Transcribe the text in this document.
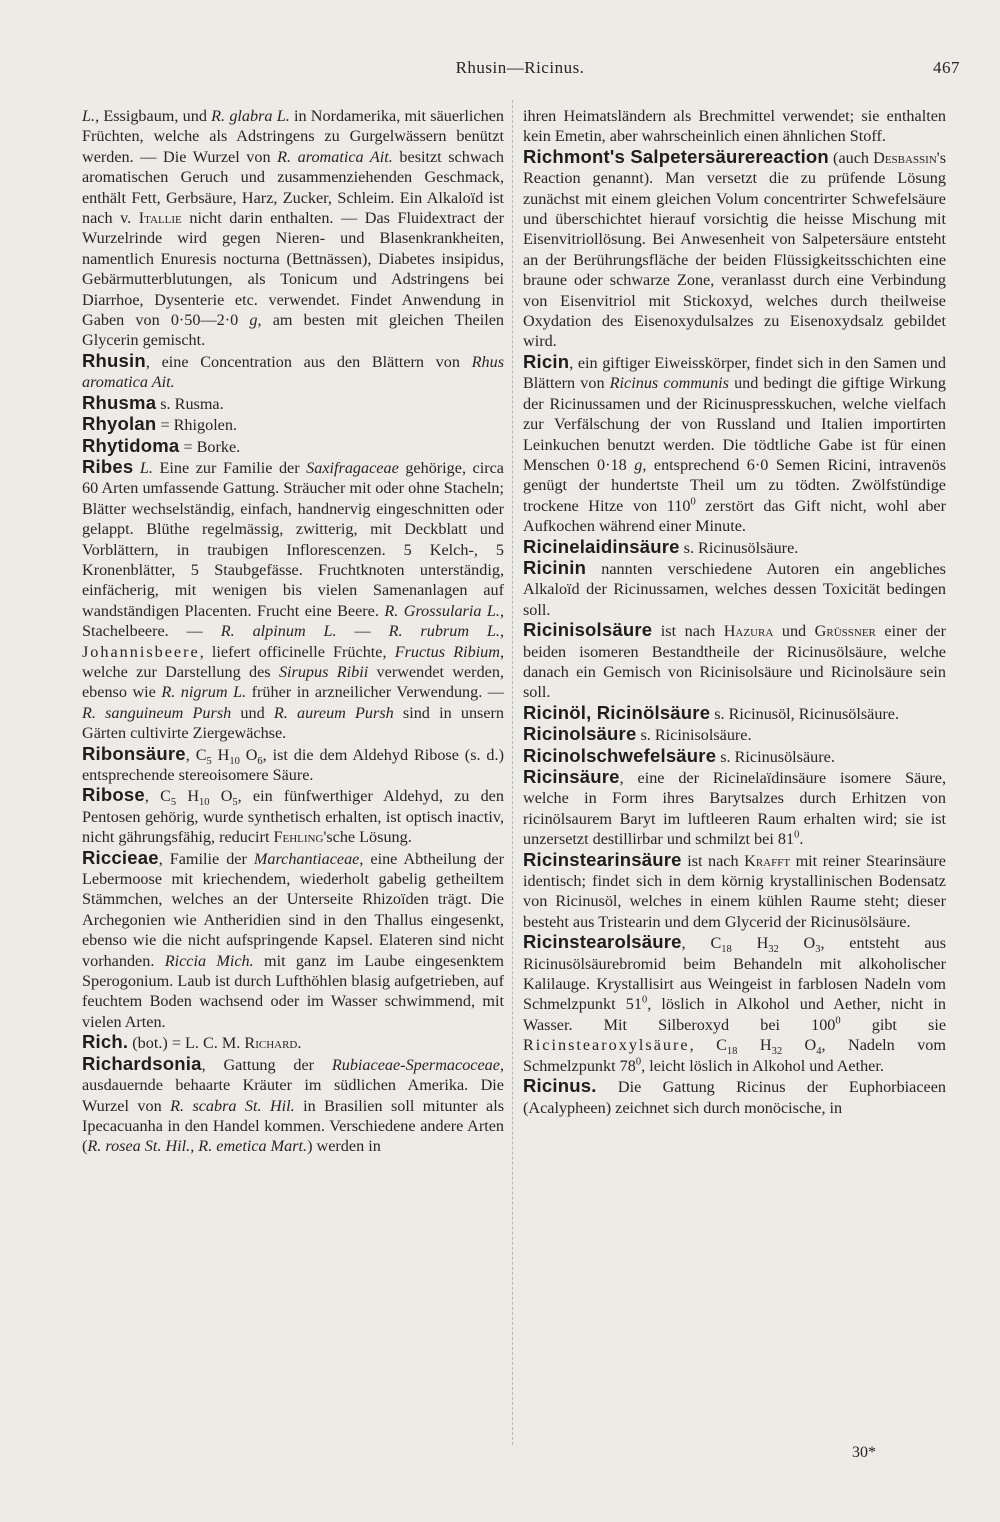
Rhusin—Ricinus.	467

L., Essigbaum, und R. glabra L. in Nordamerika, mit säuerlichen Früchten, welche als Adstringens zu Gurgelwässern benützt werden. — Die Wurzel von R. aromatica Ait. besitzt schwach aromatischen Geruch und zusammenziehenden Geschmack, enthält Fett, Gerbsäure, Harz, Zucker, Schleim. Ein Alkaloïd ist nach v. Itallie nicht darin enthalten. — Das Fluidextract der Wurzelrinde wird gegen Nieren- und Blasenkrankheiten, namentlich Enuresis nocturna (Bettnässen), Diabetes insipidus, Gebärmutterblutungen, als Tonicum und Adstringens bei Diarrhoe, Dysenterie etc. verwendet. Findet Anwendung in Gaben von 0·50—2·0 g, am besten mit gleichen Theilen Glycerin gemischt.

Rhusin, eine Concentration aus den Blättern von Rhus aromatica Ait.

Rhusma s. Rusma.

Rhyolan = Rhigolen.

Rhytidoma = Borke.

Ribes L. Eine zur Familie der Saxifragaceae gehörige, circa 60 Arten umfassende Gattung. Sträucher mit oder ohne Stacheln; Blätter wechselständig, einfach, handnervig eingeschnitten oder gelappt. Blüthe regelmässig, zwitterig, mit Deckblatt und Vorblättern, in traubigen Inflorescenzen. 5 Kelch-, 5 Kronenblätter, 5 Staubgefässe. Fruchtknoten unterständig, einfächerig, mit wenigen bis vielen Samenanlagen auf wandständigen Placenten. Frucht eine Beere. R. Grossularia L., Stachelbeere. — R. alpinum L. — R. rubrum L., Johannisbeere, liefert officinelle Früchte, Fructus Ribium, welche zur Darstellung des Sirupus Ribii verwendet werden, ebenso wie R. nigrum L. früher in arzneilicher Verwendung. — R. sanguineum Pursh und R. aureum Pursh sind in unsern Gärten cultivirte Ziergewächse.

Ribonsäure, $C_5$ $H_{10}$ $O_6$, ist die dem Aldehyd Ribose (s. d.) entsprechende stereoisomere Säure.

Ribose, $C_5$ $H_{10}$ $O_5$, ein fünfwerthiger Aldehyd, zu den Pentosen gehörig, wurde synthetisch erhalten, ist optisch inactiv, nicht gährungsfähig, reducirt Fehling'sche Lösung.

Riccieae, Familie der Marchantiaceae, eine Abtheilung der Lebermoose mit kriechendem, wiederholt gabelig getheiltem Stämmchen, welches an der Unterseite Rhizoïden trägt. Die Archegonien wie Antheridien sind in den Thallus eingesenkt, ebenso wie die nicht aufspringende Kapsel. Elateren sind nicht vorhanden. Riccia Mich. mit ganz im Laube eingesenktem Sperogonium. Laub ist durch Lufthöhlen blasig aufgetrieben, auf feuchtem Boden wachsend oder im Wasser schwimmend, mit vielen Arten.

Rich. (bot.) = L. C. M. Richard.

Richardsonia, Gattung der Rubiaceae-Spermacoceae, ausdauernde behaarte Kräuter im südlichen Amerika. Die Wurzel von R. scabra St. Hil. in Brasilien soll mitunter als Ipecacuanha in den Handel kommen. Verschiedene andere Arten (R. rosea St. Hil., R. emetica Mart.) werden in

ihren Heimatsländern als Brechmittel verwendet; sie enthalten kein Emetin, aber wahrscheinlich einen ähnlichen Stoff.

Richmont's Salpetersäurereaction (auch Desbassin's Reaction genannt). Man versetzt die zu prüfende Lösung zunächst mit einem gleichen Volum concentrirter Schwefelsäure und überschichtet hierauf vorsichtig die heisse Mischung mit Eisenvitriollösung. Bei Anwesenheit von Salpetersäure entsteht an der Berührungsfläche der beiden Flüssigkeitsschichten eine braune oder schwarze Zone, veranlasst durch eine Verbindung von Eisenvitriol mit Stickoxyd, welches durch theilweise Oxydation des Eisenoxydulsalzes zu Eisenoxydsalz gebildet wird.

Ricin, ein giftiger Eiweisskörper, findet sich in den Samen und Blättern von Ricinus communis und bedingt die giftige Wirkung der Ricinussamen und der Ricinuspresskuchen, welche vielfach zur Verfälschung der von Russland und Italien importirten Leinkuchen benutzt werden. Die tödtliche Gabe ist für einen Menschen 0·18 g, entsprechend 6·0 Semen Ricini, intravenös genügt der hundertste Theil um zu tödten. Zwölfstündige trockene Hitze von $110^0$ zerstört das Gift nicht, wohl aber Aufkochen während einer Minute.

Ricinelaidinsäure s. Ricinusölsäure.

Ricinin nannten verschiedene Autoren ein angebliches Alkaloïd der Ricinussamen, welches dessen Toxicität bedingen soll.

Ricinisolsäure ist nach Hazura und Grüssner einer der beiden isomeren Bestandtheile der Ricinusölsäure, welche danach ein Gemisch von Ricinisolsäure und Ricinolsäure sein soll.

Ricinöl, Ricinölsäure s. Ricinusöl, Ricinusölsäure.

Ricinolsäure s. Ricinisolsäure.

Ricinolschwefelsäure s. Ricinusölsäure.

Ricinsäure, eine der Ricinelaïdinsäure isomere Säure, welche in Form ihres Barytsalzes durch Erhitzen von ricinölsaurem Baryt im luftleeren Raum erhalten wird; sie ist unzersetzt destillirbar und schmilzt bei $81^0$.

Ricinstearinsäure ist nach Krafft mit reiner Stearinsäure identisch; findet sich in dem körnig krystallinischen Bodensatz von Ricinusöl, welches in einem kühlen Raume steht; dieser besteht aus Tristearin und dem Glycerid der Ricinusölsäure.

Ricinstearolsäure, $C_{18}$ $H_{32}$ $O_3$, entsteht aus Ricinusölsäurebromid beim Behandeln mit alkoholischer Kalilauge. Krystallisirt aus Weingeist in farblosen Nadeln vom Schmelzpunkt $51^0$, löslich in Alkohol und Aether, nicht in Wasser. Mit Silberoxyd bei $100^0$ gibt sie Ricinstearoxylsäure, $C_{18}$ $H_{32}$ $O_4$, Nadeln vom Schmelzpunkt $78^0$, leicht löslich in Alkohol und Aether.

Ricinus. Die Gattung Ricinus der Euphorbiaceen (Acalypheen) zeichnet sich durch monöcische, in

30*
